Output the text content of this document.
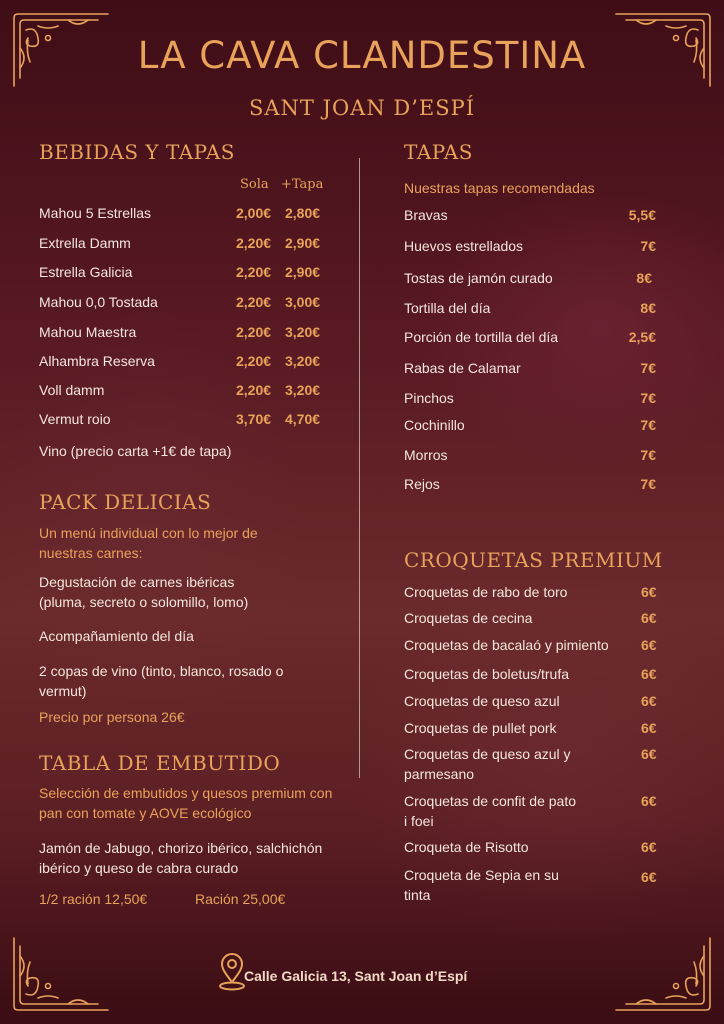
LA CAVA CLANDESTINA
SANT JOAN D’ESPÍ
BEBIDAS Y TAPAS
Sola +Tapa
Mahou 5 Estrellas	2,00€ 2,80€
Extrella Damm	2,20€ 2,90€
Estrella Galicia	2,20€ 2,90€
Mahou 0,0 Tostada	2,20€ 3,00€
Mahou Maestra	2,20€ 3,20€
Alhambra Reserva	2,20€ 3,20€
Voll damm	2,20€ 3,20€
Vermut roio	3,70€ 4,70€
Vino (precio carta +1€ de tapa)
PACK DELICIAS
Un menú individual con lo mejor de nuestras carnes:
Degustación de carnes ibéricas (pluma, secreto o solomillo, lomo)
Acompañamiento del día
2 copas de vino (tinto, blanco, rosado o vermut)
Precio por persona 26€
TABLA DE EMBUTIDO
Selección de embutidos y quesos premium con pan con tomate y AOVE ecológico
Jamón de Jabugo, chorizo ibérico, salchichón ibérico y queso de cabra curado
1/2 ración 12,50€	Ración 25,00€
TAPAS
Nuestras tapas recomendadas
Bravas	5,5€
Huevos estrellados	7€
Tostas de jamón curado	8€
Tortilla del día	8€
Porción de tortilla del día	2,5€
Rabas de Calamar	7€
Pinchos	7€
Cochinillo	7€
Morros	7€
Rejos	7€
CROQUETAS PREMIUM
Croquetas de rabo de toro	6€
Croquetas de cecina	6€
Croquetas de bacalaó y pimiento 6€
Croquetas de boletus/trufa	6€
Croquetas de queso azul	6€
Croquetas de pullet pork	6€
Croquetas de queso azul y parmesano
6€
Croquetas de confit de pato i foei
6€
Croqueta de Risotto	6€
Croqueta de Sepia en su tinta
6€
Calle Galicia 13, Sant Joan d’Espí
